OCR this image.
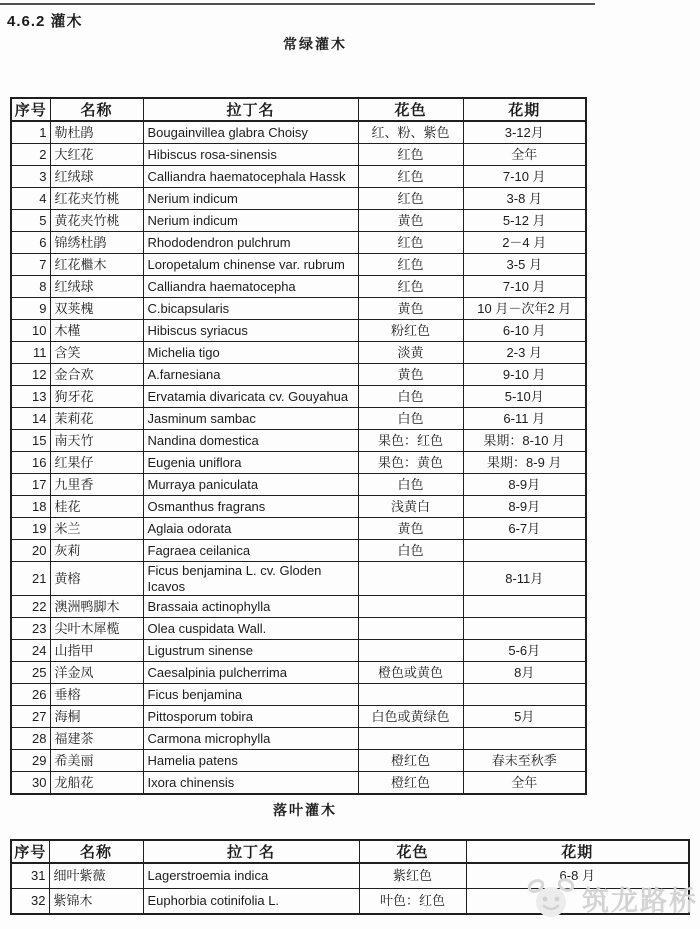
4.6.2 灌木
常绿灌木
序号	名称	拉丁名	花色	花期
1	勒杜鹃	Bougainvillea glabra Choisy	红、粉、紫色	3-12月
2	大红花	Hibiscus rosa-sinensis	红色	全年
3	红绒球	Calliandra haematocephala Hassk	红色	7-10 月
4	红花夹竹桃	Nerium indicum	红色	3-8 月
5	黄花夹竹桃	Nerium indicum	黄色	5-12 月
6	锦绣杜鹃	Rhododendron pulchrum	红色	2－4 月
7	红花檵木	Loropetalum chinense var. rubrum	红色	3-5 月
8	红绒球	Calliandra haematocepha	红色	7-10 月
9	双荚槐	C.bicapsularis	黄色	10 月－次年2 月
10	木槿	Hibiscus syriacus	粉红色	6-10 月
11	含笑	Michelia tigo	淡黄	2-3 月
12	金合欢	A.farnesiana	黄色	9-10 月
13	狗牙花	Ervatamia divaricata cv. Gouyahua	白色	5-10月
14	茉莉花	Jasminum sambac	白色	6-11 月
15	南天竹	Nandina domestica	果色：红色	果期：8-10 月
16	红果仔	Eugenia uniflora	果色：黄色	果期：8-9 月
17	九里香	Murraya paniculata	白色	8-9月
18	桂花	Osmanthus fragrans	浅黄白	8-9月
19	米兰	Aglaia odorata	黄色	6-7月
20	灰莉	Fagraea ceilanica	白色	
21	黄榕	Ficus benjamina L. cv. Gloden Icavos		8-11月
22	澳洲鸭脚木	Brassaia actinophylla		
23	尖叶木犀榄	Olea cuspidata Wall.		
24	山指甲	Ligustrum sinense		5-6月
25	洋金凤	Caesalpinia pulcherrima	橙色或黄色	8月
26	垂榕	Ficus benjamina		
27	海桐	Pittosporum tobira	白色或黄绿色	5月
28	福建茶	Carmona microphylla		
29	希美丽	Hamelia patens	橙红色	春末至秋季
30	龙船花	Ixora chinensis	橙红色	全年
落叶灌木
序号	名称	拉丁名	花色	花期
31	细叶紫薇	Lagerstroemia indica	紫红色	6-8 月
32	紫锦木	Euphorbia cotinifolia L.	叶色：红色		筑龙路桥
